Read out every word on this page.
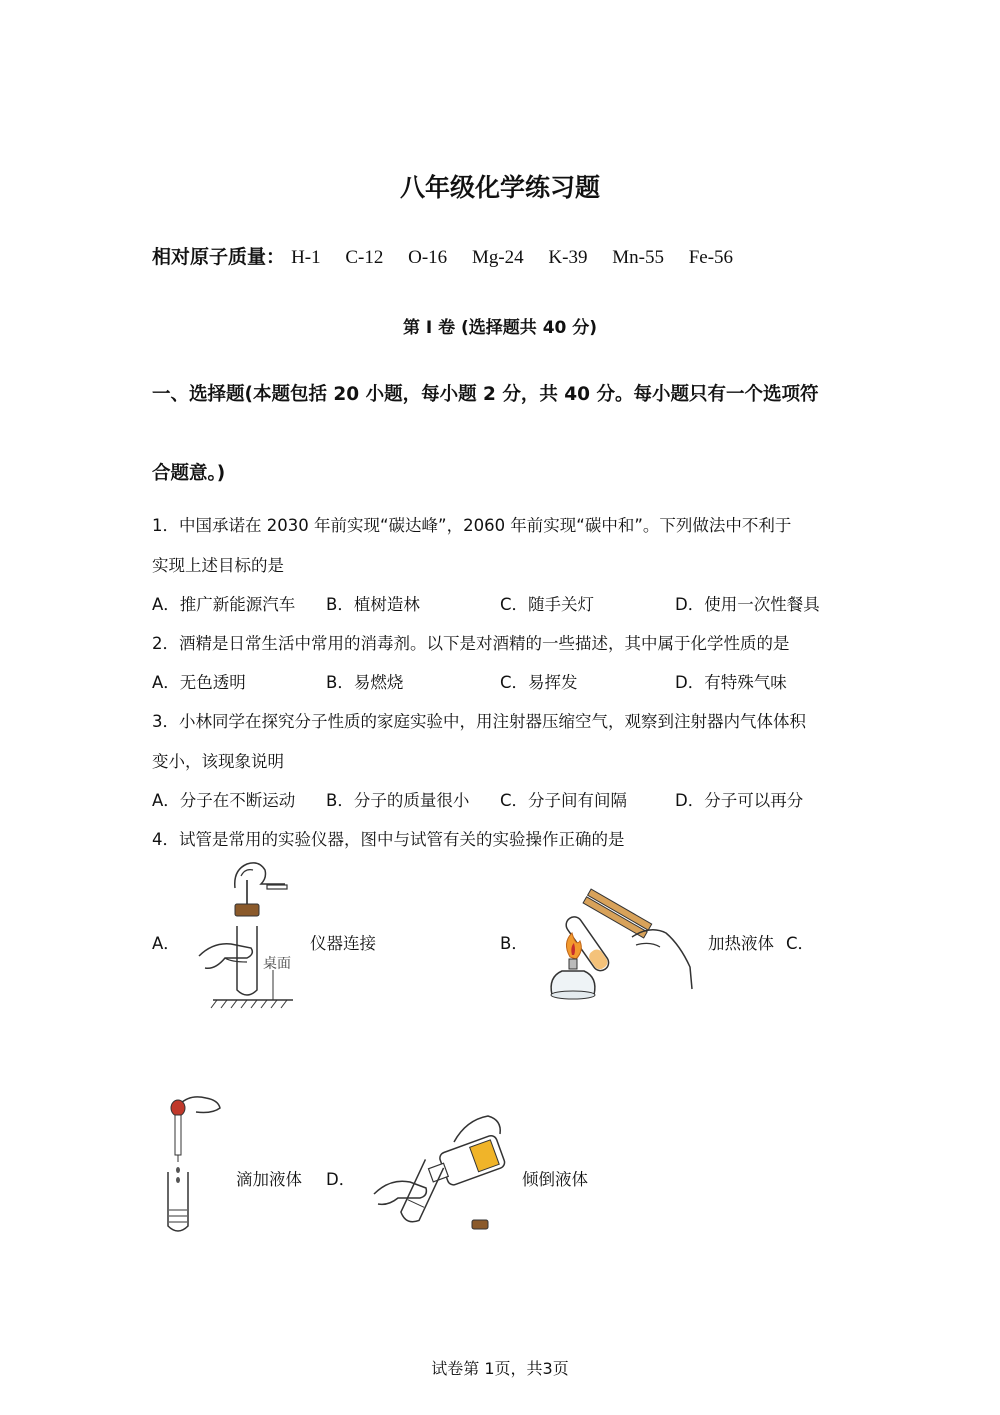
八年级化学练习题
相对原子质量： H-1 C-12 O-16 Mg-24 K-39 Mn-55 Fe-56
第 I 卷 (选择题共 40 分)
一、选择题(本题包括 20 小题，每小题 2 分，共 40 分。每小题只有一个选项符
合题意。)
1．中国承诺在 2030 年前实现“碳达峰”，2060 年前实现“碳中和”。下列做法中不利于
实现上述目标的是
A．推广新能源汽车 B．植树造林	C．随手关灯	D．使用一次性餐具
2．酒精是日常生活中常用的消毒剂。以下是对酒精的一些描述，其中属于化学性质的是
A．无色透明	B．易燃烧	C．易挥发	D．有特殊气味
3．小林同学在探究分子性质的家庭实验中，用注射器压缩空气，观察到注射器内气体体积
变小，该现象说明
A．分子在不断运动 B．分子的质量很小 C．分子间有间隔	D．分子可以再分
4．试管是常用的实验仪器，图中与试管有关的实验操作正确的是
A．
桌面
仪器连接	B．	加热液体 C．
滴加液体 D．	倾倒液体
试卷第 1页，共3页
